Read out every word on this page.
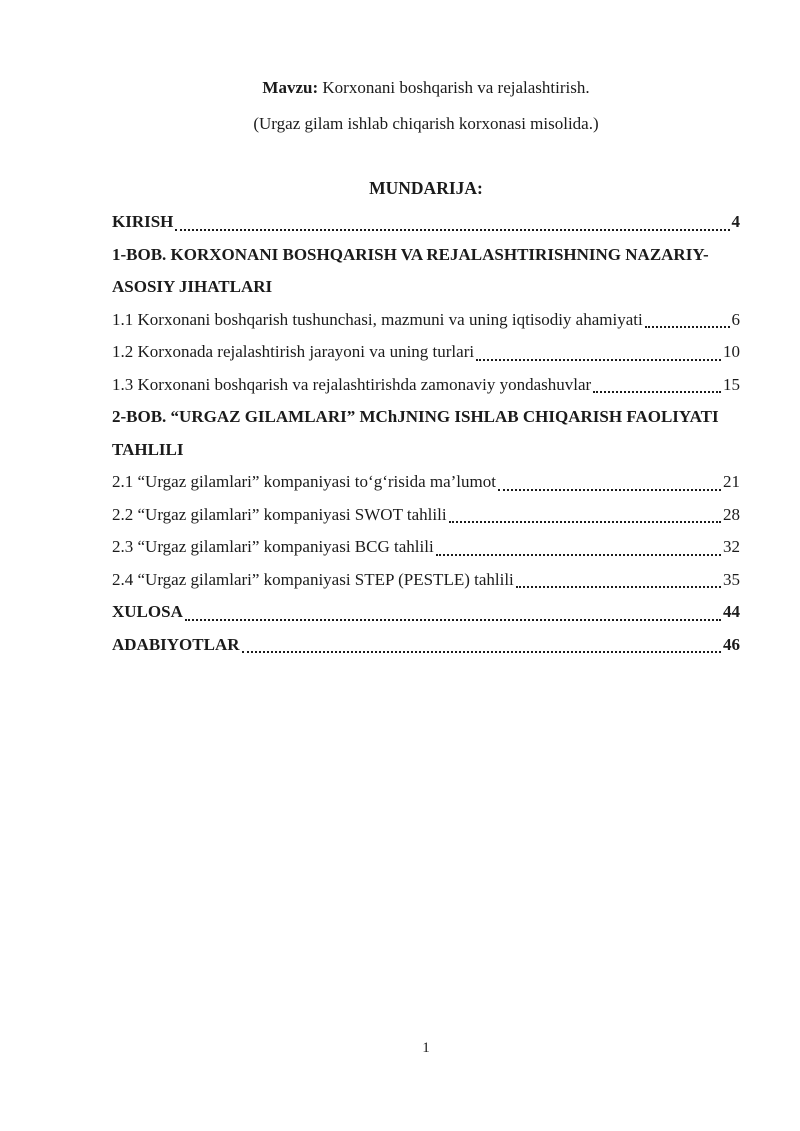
Mavzu: Korxonani boshqarish va rejalashtirish.

(Urgaz gilam ishlab chiqarish korxonasi misolida.)

MUNDARIJA:
KIRISH	4
1-BOB. KORXONANI BOSHQARISH VA REJALASHTIRISHNING NAZARIY-ASOSIY JIHATLARI
1.1 Korxonani boshqarish tushunchasi, mazmuni va uning iqtisodiy ahamiyati	6
1.2 Korxonada rejalashtirish jarayoni va uning turlari	10
1.3 Korxonani boshqarish va rejalashtirishda zamonaviy yondashuvlar	15
2-BOB. “URGAZ GILAMLARI” MChJNING ISHLAB CHIQARISH FAOLIYATI TAHLILI
2.1 “Urgaz gilamlari” kompaniyasi to‘g‘risida ma’lumot	21
2.2 “Urgaz gilamlari” kompaniyasi SWOT tahlili	28
2.3 “Urgaz gilamlari” kompaniyasi BCG tahlili	32
2.4 “Urgaz gilamlari” kompaniyasi STEP (PESTLE) tahlili	35
XULOSA	44
ADABIYOTLAR	46
1
